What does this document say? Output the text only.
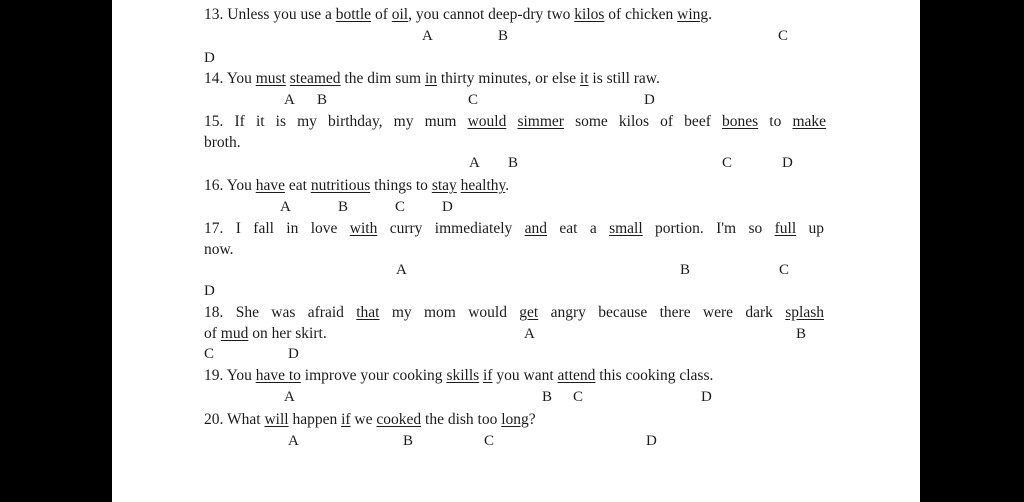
13. Unless you use a bottle of oil, you cannot deep-dry two kilos of chicken wing.
A	B	C
D
14. You must steamed the dim sum in thirty minutes, or else it is still raw.
A B	C	D
15. If it is my birthday, my mum would simmer some kilos of beef bones to make
broth.
A B	C	D
16. You have eat nutritious things to stay healthy.
A	B	C D
17. I fall in love with curry immediately and eat a small portion. I'm so full up
now.
A	B	C
D
18. She was afraid that my mom would get angry because there were dark splash
of mud on her skirt.	A	B
C	D
19. You have to improve your cooking skills if you want attend this cooking class.
A	B C	D
20. What will happen if we cooked the dish too long?
A	B	C	D
